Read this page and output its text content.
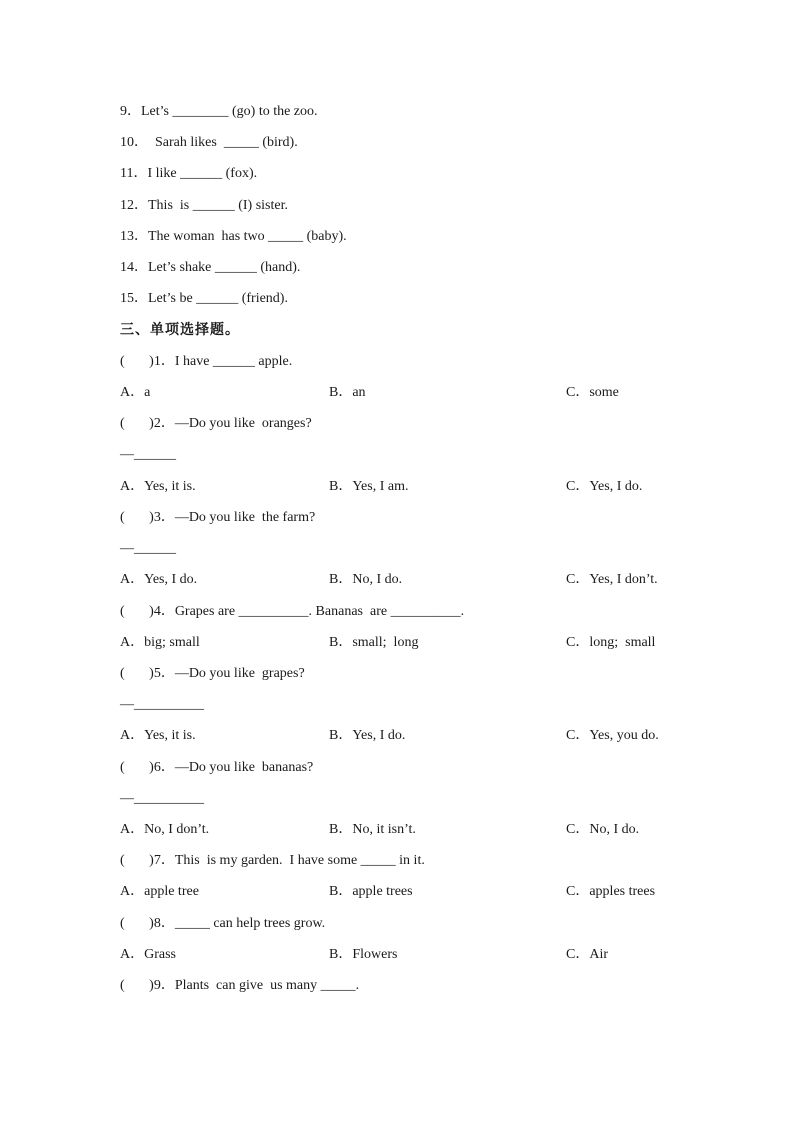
9．Let’s ________ (go) to the zoo.
10．  Sarah likes  _____ (bird).
11．I like ______ (fox).
12．This  is ______ (I) sister.
13．The woman  has two _____ (baby).
14．Let’s shake ______ (hand).
15．Let’s be ______ (friend).
三、单项选择题。
(       )1．I have ______ apple.
A．a	B．an	C．some
(       )2．—Do you like  oranges?
—______
A．Yes, it is.	B．Yes, I am.	C．Yes, I do.
(       )3．—Do you like  the farm?
—______
A．Yes, I do.	B．No, I do.	C．Yes, I don’t.
(       )4．Grapes are __________. Bananas  are __________.
A．big; small	B．small;  long	C．long;  small
(       )5．—Do you like  grapes?
—__________
A．Yes, it is.	B．Yes, I do.	C．Yes, you do.
(       )6．—Do you like  bananas?
—__________
A．No, I don’t.	B．No, it isn’t.	C．No, I do.
(       )7．This  is my garden.  I have some _____ in it.
A．apple tree	B．apple trees	C．apples trees
(       )8．_____ can help trees grow.
A．Grass	B．Flowers	C．Air
(       )9．Plants  can give  us many _____.
